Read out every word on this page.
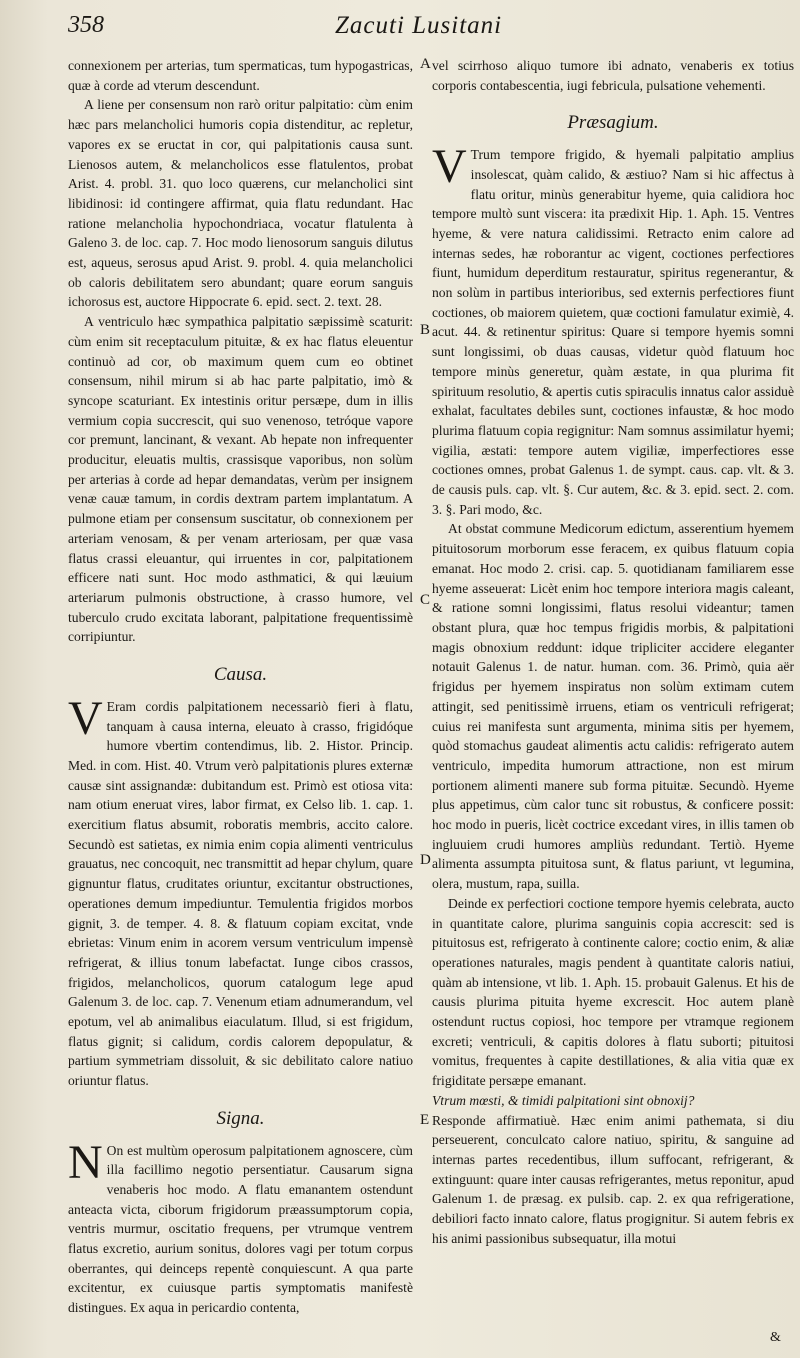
358	Zacuti Lusitani
A
B
C
D
E

connexionem per arterias, tum spermaticas, tum hypogastricas, quæ à corde ad vterum descendunt.

A liene per consensum non rarò oritur palpitatio: cùm enim hæc pars melancholici humoris copia distenditur, ac repletur, vapores ex se eructat in cor, qui palpitationis causa sunt. Lienosos autem, & melancholicos esse flatulentos, probat Arist. 4. probl. 31. quo loco quærens, cur melancholici sint libidinosi: id contingere affirmat, quia flatu redundant. Hac ratione melancholia hypochondriaca, vocatur flatulenta à Galeno 3. de loc. cap. 7. Hoc modo lienosorum sanguis dilutus est, aqueus, serosus apud Arist. 9. probl. 4. quia melancholici ob caloris debilitatem sero abundant; quare eorum sanguis ichorosus est, auctore Hippocrate 6. epid. sect. 2. text. 28.

A ventriculo hæc sympathica palpitatio sæpissimè scaturit: cùm enim sit receptaculum pituitæ, & ex hac flatus eleuentur continuò ad cor, ob maximum quem cum eo obtinet consensum, nihil mirum si ab hac parte palpitatio, imò & syncope scaturiant. Ex intestinis oritur persæpe, dum in illis vermium copia succrescit, qui suo venenoso, tetróque vapore cor premunt, lancinant, & vexant. Ab hepate non infrequenter producitur, eleuatis multis, crassisque vaporibus, non solùm per arterias à corde ad hepar demandatas, verùm per insignem venæ cauæ tamum, in cordis dextram partem implantatum. A pulmone etiam per consensum suscitatur, ob connexionem per arteriam venosam, & per venam arteriosam, per quæ vasa flatus crassi eleuantur, qui irruentes in cor, palpitationem efficere nati sunt. Hoc modo asthmatici, & qui læuium arteriarum pulmonis obstructione, à crasso humore, vel tuberculo crudo excitata laborant, palpitatione frequentissimè corripiuntur.

Causa.

V Eram cordis palpitationem necessariò fieri à flatu, tanquam à causa interna, eleuato à crasso, frigidóque humore vbertim contendimus, lib. 2. Histor. Princip. Med. in com. Hist. 40. Vtrum verò palpitationis plures externæ causæ sint assignandæ: dubitandum est. Primò est otiosa vita: nam otium eneruat vires, labor firmat, ex Celso lib. 1. cap. 1. exercitium flatus absumit, roboratis membris, accito calore. Secundò est satietas, ex nimia enim copia alimenti ventriculus grauatus, nec concoquit, nec transmittit ad hepar chylum, quare gignuntur flatus, cruditates oriuntur, excitantur obstructiones, operationes demum impediuntur. Temulentia frigidos morbos gignit, 3. de temper. 4. 8. & flatuum copiam excitat, vnde ebrietas: Vinum enim in acorem versum ventriculum impensè refrigerat, & illius tonum labefactat. Iunge cibos crassos, frigidos, melancholicos, quorum catalogum lege apud Galenum 3. de loc. cap. 7. Venenum etiam adnumerandum, vel epotum, vel ab animalibus eiaculatum. Illud, si est frigidum, flatus gignit; si calidum, cordis calorem depopulatur, & partium symmetriam dissoluit, & sic debilitato calore natiuo oriuntur flatus.

Signa.

N On est multùm operosum palpitationem agnoscere, cùm illa facillimo negotio persentiatur. Causarum signa venaberis hoc modo. A flatu emanantem ostendunt anteacta victa, ciborum frigidorum præassumptorum copia, ventris murmur, oscitatio frequens, per vtrumque ventrem flatus excretio, aurium sonitus, dolores vagi per totum corpus oberrantes, qui deinceps repentè conquiescunt. A qua parte excitentur, ex cuiusque partis symptomatis manifestè distingues. Ex aqua in pericardio contenta,

vel scirrhoso aliquo tumore ibi adnato, venaberis ex totius corporis contabescentia, iugi febricula, pulsatione vehementi.

Præsagium.

V Trum tempore frigido, & hyemali palpitatio amplius insolescat, quàm calido, & æstiuo? Nam si hic affectus à flatu oritur, minùs generabitur hyeme, quia calidiora hoc tempore multò sunt viscera: ita prædixit Hip. 1. Aph. 15. Ventres hyeme, & vere natura calidissimi. Retracto enim calore ad internas sedes, hæ roborantur ac vigent, coctiones perfectiores fiunt, humidum deperditum restauratur, spiritus regenerantur, & non solùm in partibus interioribus, sed externis perfectiores fiunt coctiones, ob maiorem quietem, quæ coctioni famulatur eximiè, 4. acut. 44. & retinentur spiritus: Quare si tempore hyemis somni sunt longissimi, ob duas causas, videtur quòd flatuum hoc tempore minùs generetur, quàm æstate, in qua plurima fit spirituum resolutio, & apertis cutis spiraculis innatus calor assiduè exhalat, facultates debiles sunt, coctiones infaustæ, & hoc modo plurima flatuum copia regignitur: Nam somnus assimilatur hyemi; vigilia, æstati: tempore autem vigiliæ, imperfectiores esse coctiones omnes, probat Galenus 1. de sympt. caus. cap. vlt. & 3. de causis puls. cap. vlt. §. Cur autem, &c. & 3. epid. sect. 2. com. 3. §. Pari modo, &c.

At obstat commune Medicorum edictum, asserentium hyemem pituitosorum morborum esse feracem, ex quibus flatuum copia emanat. Hoc modo 2. crisi. cap. 5. quotidianam familiarem esse hyeme asseuerat: Licèt enim hoc tempore interiora magis caleant, & ratione somni longissimi, flatus resolui videantur; tamen obstant plura, quæ hoc tempus frigidis morbis, & palpitationi magis obnoxium reddunt: idque tripliciter accidere eleganter notauit Galenus 1. de natur. human. com. 36. Primò, quia aër frigidus per hyemem inspiratus non solùm extimam cutem attingit, sed penitissimè irruens, etiam os ventriculi refrigerat; cuius rei manifesta sunt argumenta, minima sitis per hyemem, quòd stomachus gaudeat alimentis actu calidis: refrigerato autem ventriculo, impedita humorum attractione, non est mirum portionem alimenti manere sub forma pituitæ. Secundò. Hyeme plus appetimus, cùm calor tunc sit robustus, & conficere possit: hoc modo in pueris, licèt coctrice excedant vires, in illis tamen ob ingluuiem crudi humores ampliùs redundant. Tertiò. Hyeme alimenta assumpta pituitosa sunt, & flatus pariunt, vt legumina, olera, mustum, rapa, suilla.

Deinde ex perfectiori coctione tempore hyemis celebrata, aucto in quantitate calore, plurima sanguinis copia accrescit: sed is pituitosus est, refrigerato à continente calore; coctio enim, & aliæ operationes naturales, magis pendent à quantitate caloris natiui, quàm ab intensione, vt lib. 1. Aph. 15. probauit Galenus. Et his de causis plurima pituita hyeme excrescit. Hoc autem planè ostendunt ructus copiosi, hoc tempore per vtramque regionem excreti; ventriculi, & capitis dolores à flatu suborti; pituitosi vomitus, frequentes à capite destillationes, & alia vitia quæ ex frigiditate persæpe emanant.

Vtrum mœsti, & timidi palpitationi sint obnoxij?

Responde affirmatiuè. Hæc enim animi pathemata, si diu perseuerent, conculcato calore natiuo, spiritu, & sanguine ad internas partes recedentibus, illum suffocant, refrigerant, & extinguunt: quare inter causas refrigerantes, metus reponitur, apud Galenum 1. de præsag. ex pulsib. cap. 2. ex qua refrigeratione, debiliori facto innato calore, flatus progignitur. Si autem febris ex his animi passionibus subsequatur, illa motui

&
